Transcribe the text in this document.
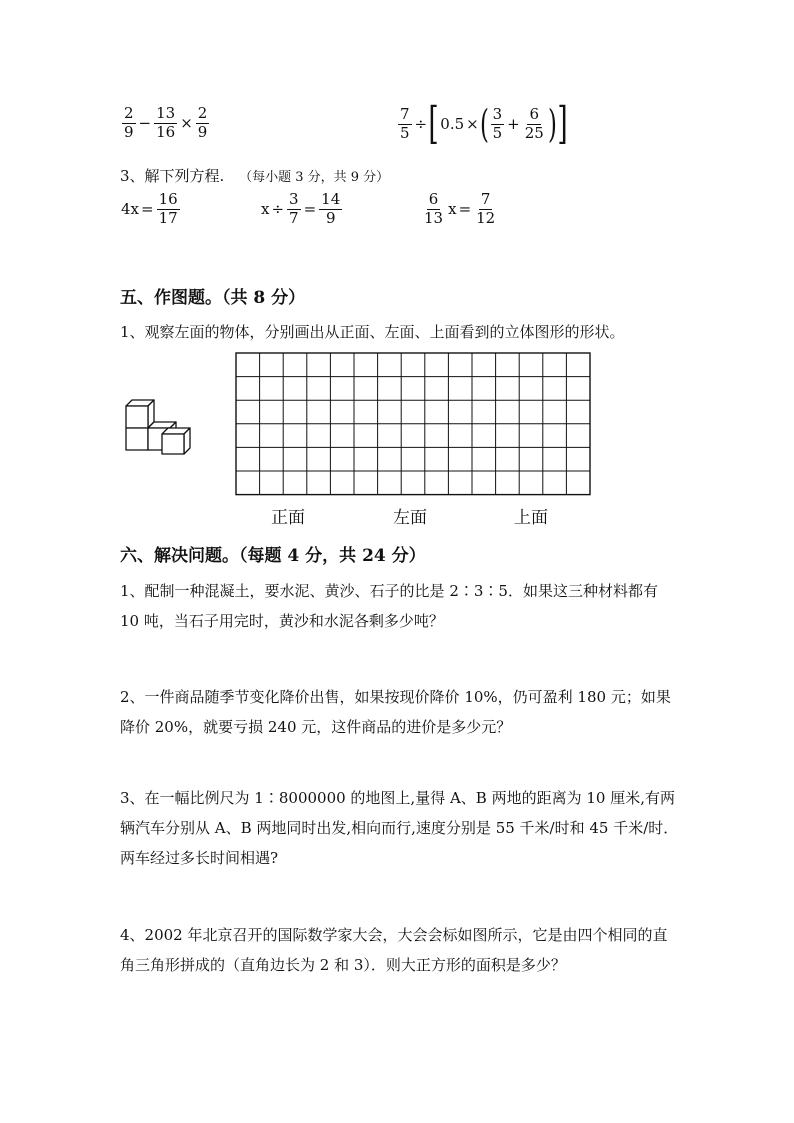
$\frac{2}{9} - \frac{13}{16} \times \frac{2}{9}$	$\frac{7}{5} \div[0.5$ ×( $\frac{3}{5} + \frac{6}{25}$ )]
3、解下列方程. （每小题 3 分，共 9 分）
$4x = \frac{16}{17}$	$x \div \frac{3}{7} = \frac{14}{9}$	$\frac{6}{13}$ $x = \frac{7}{12}$
五、作图题。（共 8 分）
1、观察左面的物体，分别画出从正面、左面、上面看到的立体图形的形状。
正面	左面	上面
六、解决问题。（每题 4 分，共 24 分）
1、配制一种混凝土，要水泥、黄沙、石子的比是 2∶3∶5．如果这三种材料都有 10 吨，当石子用完时，黄沙和水泥各剩多少吨？
2、一件商品随季节变化降价出售，如果按现价降价 10%，仍可盈利 180 元；如果降价 20%，就要亏损 240 元，这件商品的进价是多少元？
3、在一幅比例尺为 1∶8000000 的地图上,量得 A、B 两地的距离为 10 厘米,有两辆汽车分别从 A、B 两地同时出发,相向而行,速度分别是 55 千米/时和 45 千米/时．两车经过多长时间相遇?
4、2002 年北京召开的国际数学家大会，大会会标如图所示，它是由四个相同的直角三角形拼成的（直角边长为 2 和 3）．则大正方形的面积是多少？
